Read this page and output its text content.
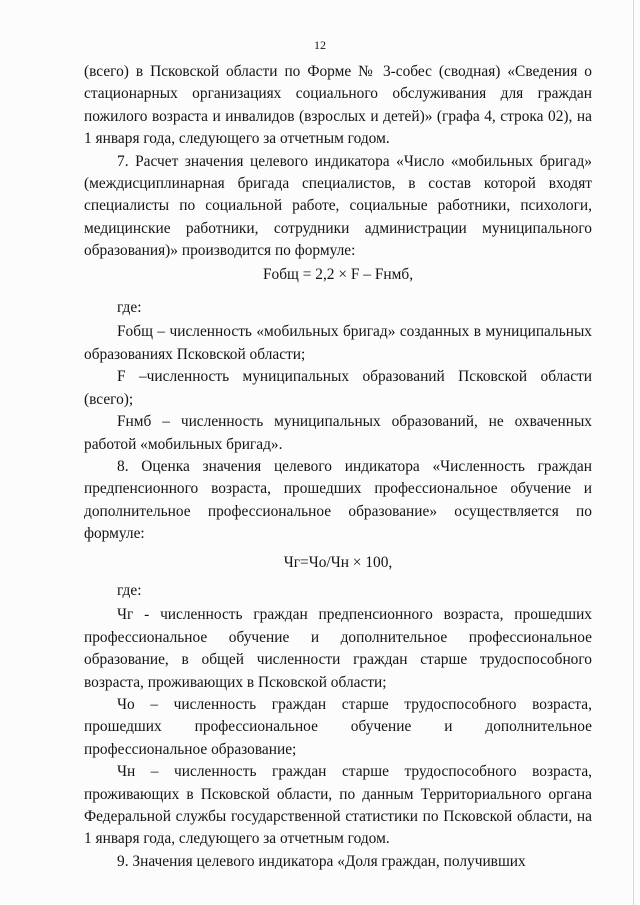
12

(всего) в Псковской области по Форме № 3-собес (сводная) «Сведения о стационарных организациях социального обслуживания для граждан пожилого возраста и инвалидов (взрослых и детей)» (графа 4, строка 02), на 1 января года, следующего за отчетным годом.

7. Расчет значения целевого индикатора «Число «мобильных бригад» (междисциплинарная бригада специалистов, в состав которой входят специалисты по социальной работе, социальные работники, психологи, медицинские работники, сотрудники администрации муниципального образования)» производится по формуле:

Fобщ = 2,2 × F – Fнмб,

где:

Fобщ – численность «мобильных бригад» созданных в муниципальных образованиях Псковской области;

F –численность муниципальных образований Псковской области (всего);

Fнмб – численность муниципальных образований, не охваченных работой «мобильных бригад».

8. Оценка значения целевого индикатора «Численность граждан предпенсионного возраста, прошедших профессиональное обучение и дополнительное профессиональное образование» осуществляется по формуле:

Чг=Чо/Чн × 100,

где:

Чг - численность граждан предпенсионного возраста, прошедших профессиональное обучение и дополнительное профессиональное образование, в общей численности граждан старше трудоспособного возраста, проживающих в Псковской области;

Чо – численность граждан старше трудоспособного возраста, прошедших профессиональное обучение и дополнительное профессиональное образование;

Чн – численность граждан старше трудоспособного возраста, проживающих в Псковской области, по данным Территориального органа Федеральной службы государственной статистики по Псковской области, на 1 января года, следующего за отчетным годом.

9. Значения целевого индикатора «Доля граждан, получивших
